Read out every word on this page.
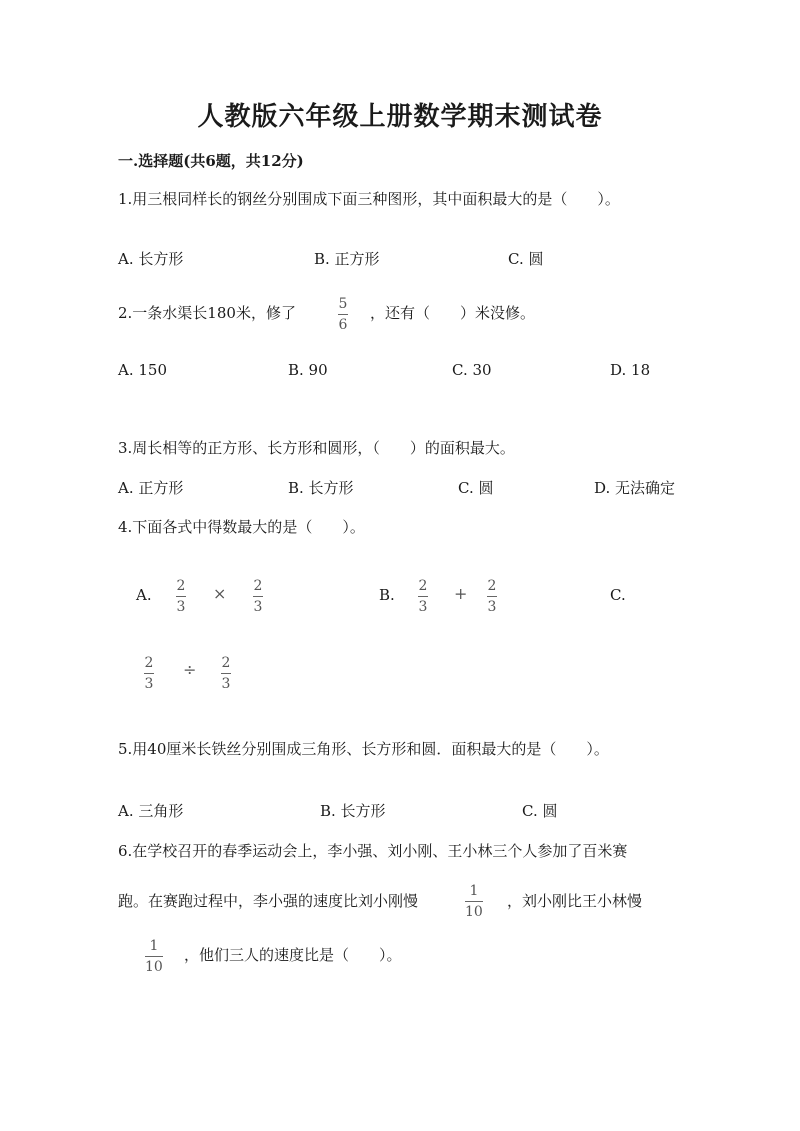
人教版六年级上册数学期末测试卷
一.选择题(共6题，共12分)
1.用三根同样长的钢丝分别围成下面三种图形，其中面积最大的是（　　）。
A. 长方形	B. 正方形	C. 圆
2.一条水渠长180米，修了	5
6
，还有（　　）米没修。
A. 150	B. 90	C. 30	D. 18
3.周长相等的正方形、长方形和圆形，（　　）的面积最大。
A. 正方形	B. 长方形	C. 圆	D. 无法确定
4.下面各式中得数最大的是（　　）。
A. 2
3
× 2
3
B. 2
3
+ 2
3
C.
2
3
÷ 2
3
5.用40厘米长铁丝分别围成三角形、长方形和圆．面积最大的是（　　）。
A. 三角形	B. 长方形	C. 圆
6.在学校召开的春季运动会上，李小强、刘小刚、王小林三个人参加了百米赛
跑。在赛跑过程中，李小强的速度比刘小刚慢
1
10
，刘小刚比王小林慢
1
10
，他们三人的速度比是（　　）。
